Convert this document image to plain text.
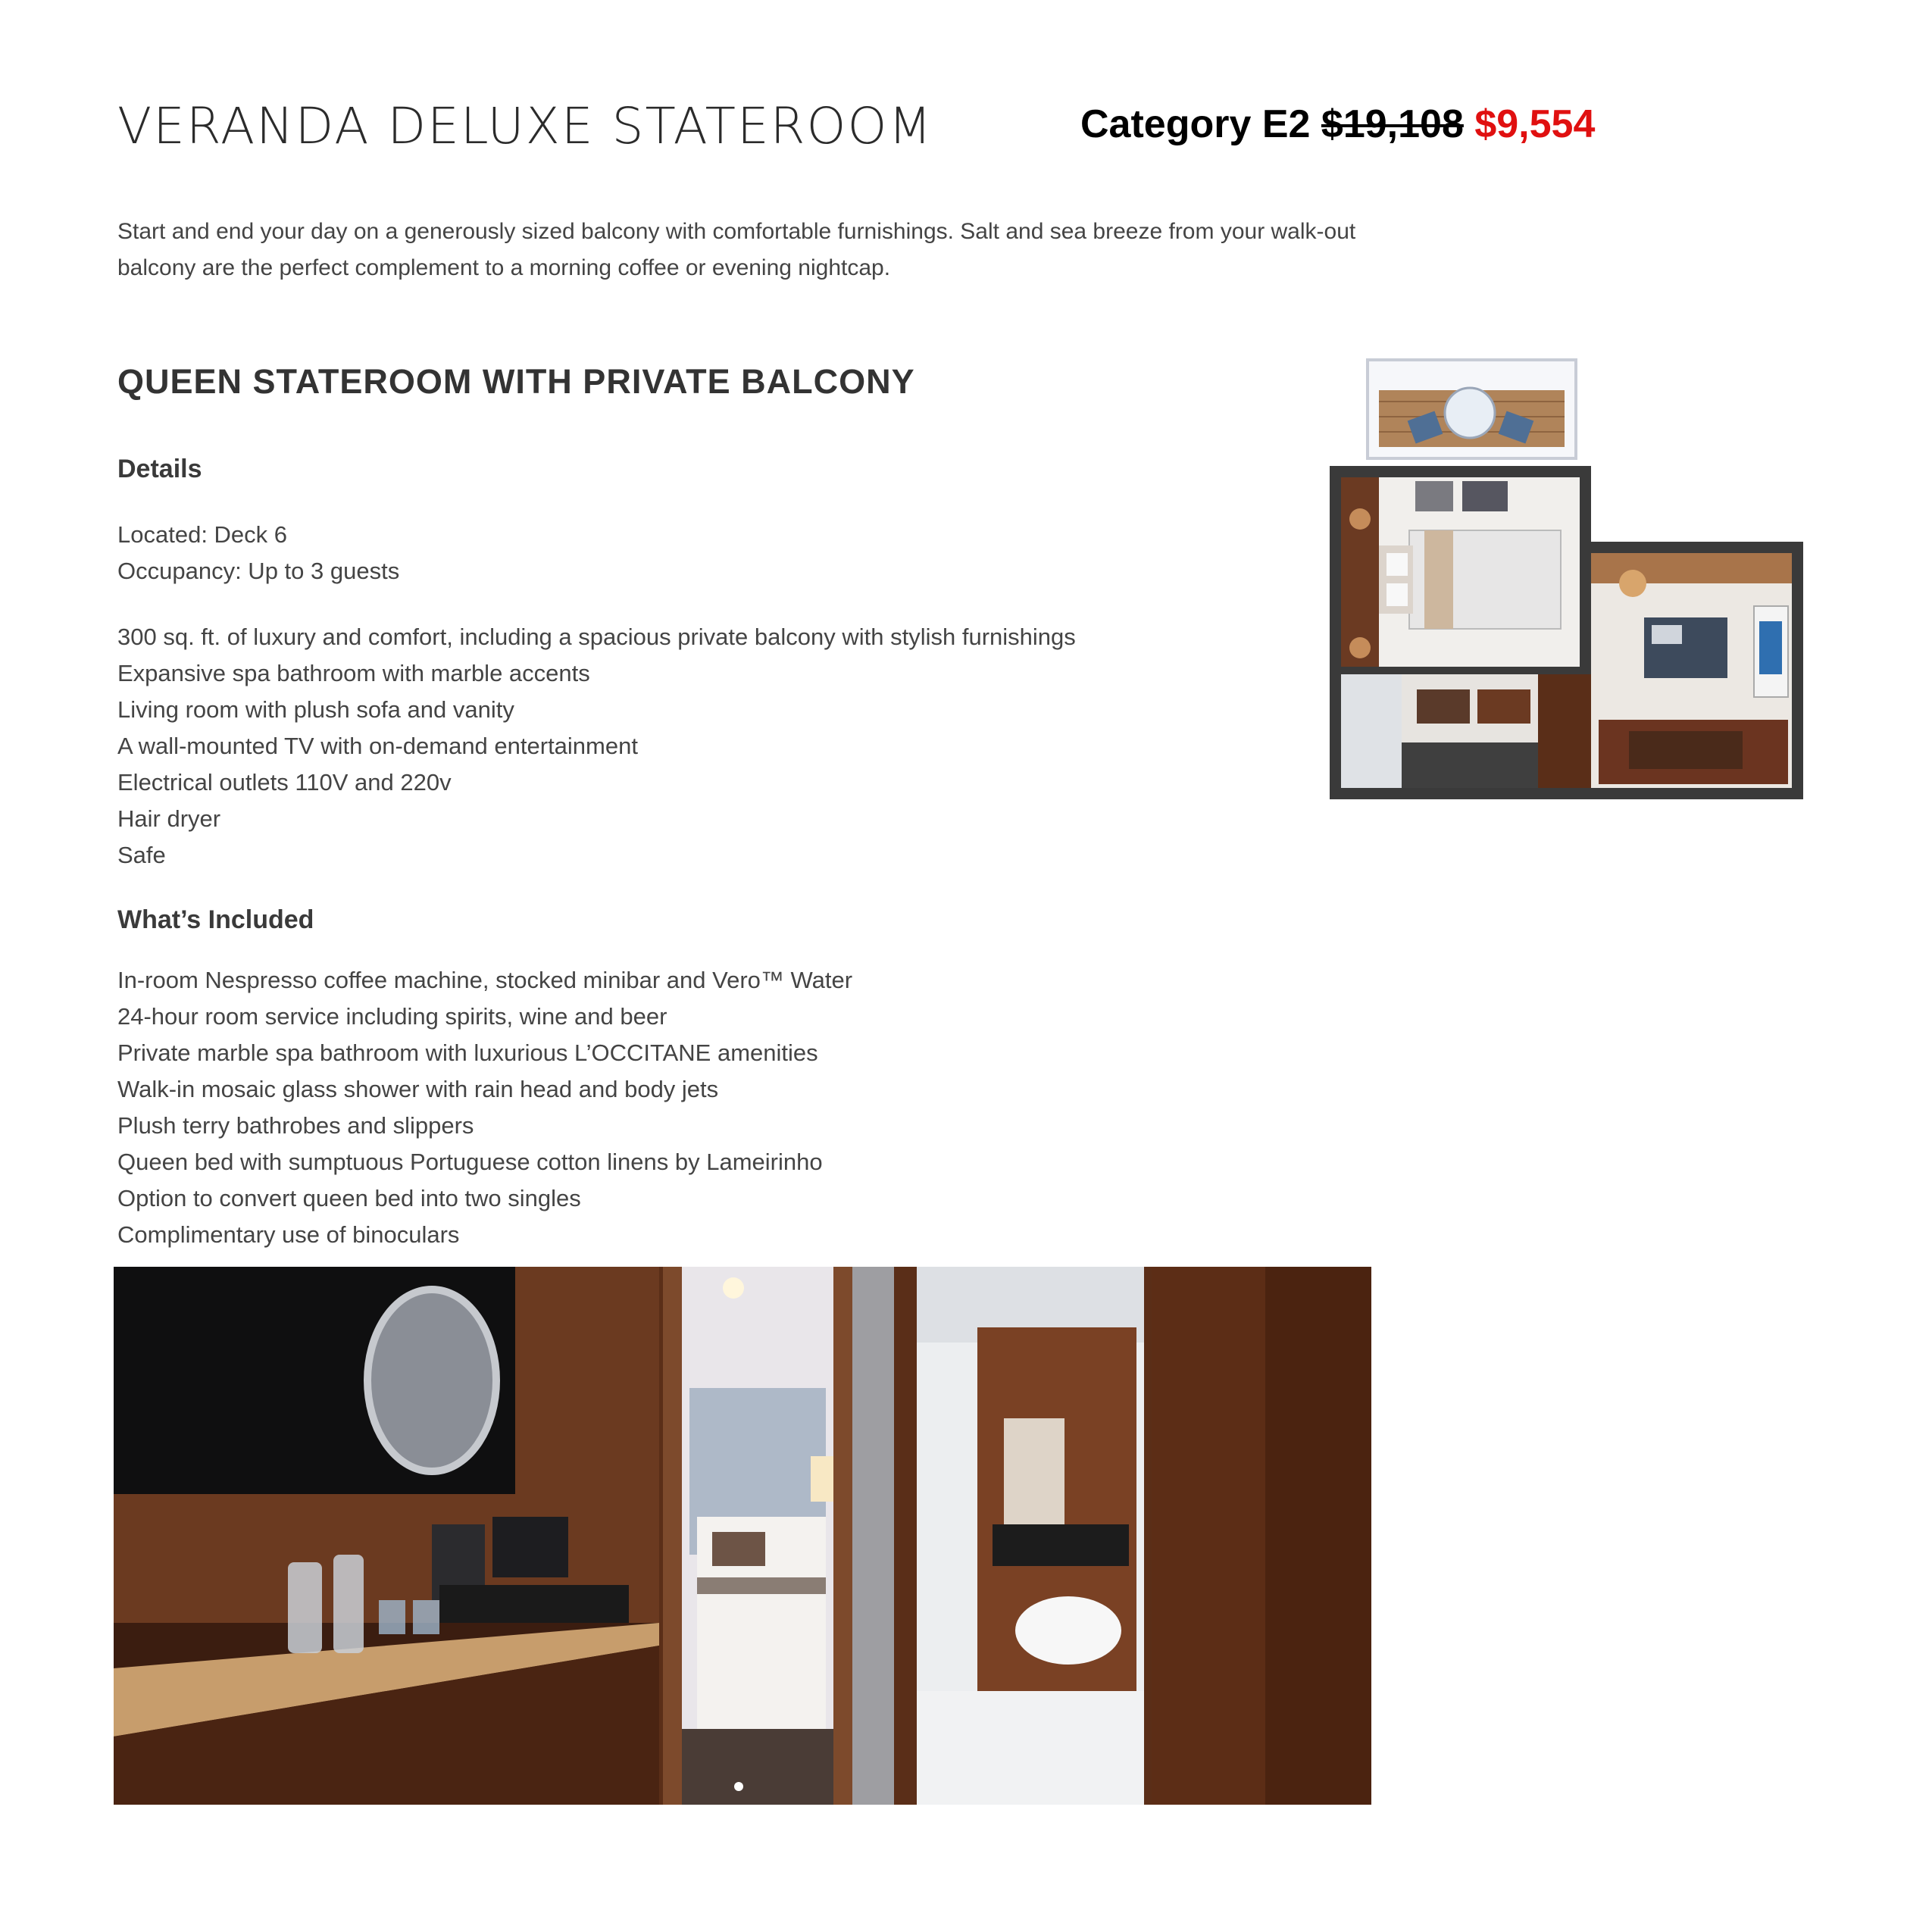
VERANDA DELUXE STATEROOM	Category E2 $19,108 $9,554

Start and end your day on a generously sized balcony with comfortable furnishings. Salt and sea breeze from your walk-out balcony are the perfect complement to a morning coffee or evening nightcap.

QUEEN STATEROOM WITH PRIVATE BALCONY
Details
Located: Deck 6
Occupancy: Up to 3 guests
300 sq. ft. of luxury and comfort, including a spacious private balcony with stylish furnishings
Expansive spa bathroom with marble accents
Living room with plush sofa and vanity
A wall-mounted TV with on-demand entertainment
Electrical outlets 110V and 220v
Hair dryer
Safe
What’s Included
In-room Nespresso coffee machine, stocked minibar and Vero™ Water
24-hour room service including spirits, wine and beer
Private marble spa bathroom with luxurious L’OCCITANE amenities
Walk-in mosaic glass shower with rain head and body jets
Plush terry bathrobes and slippers
Queen bed with sumptuous Portuguese cotton linens by Lameirinho
Option to convert queen bed into two singles
Complimentary use of binoculars
